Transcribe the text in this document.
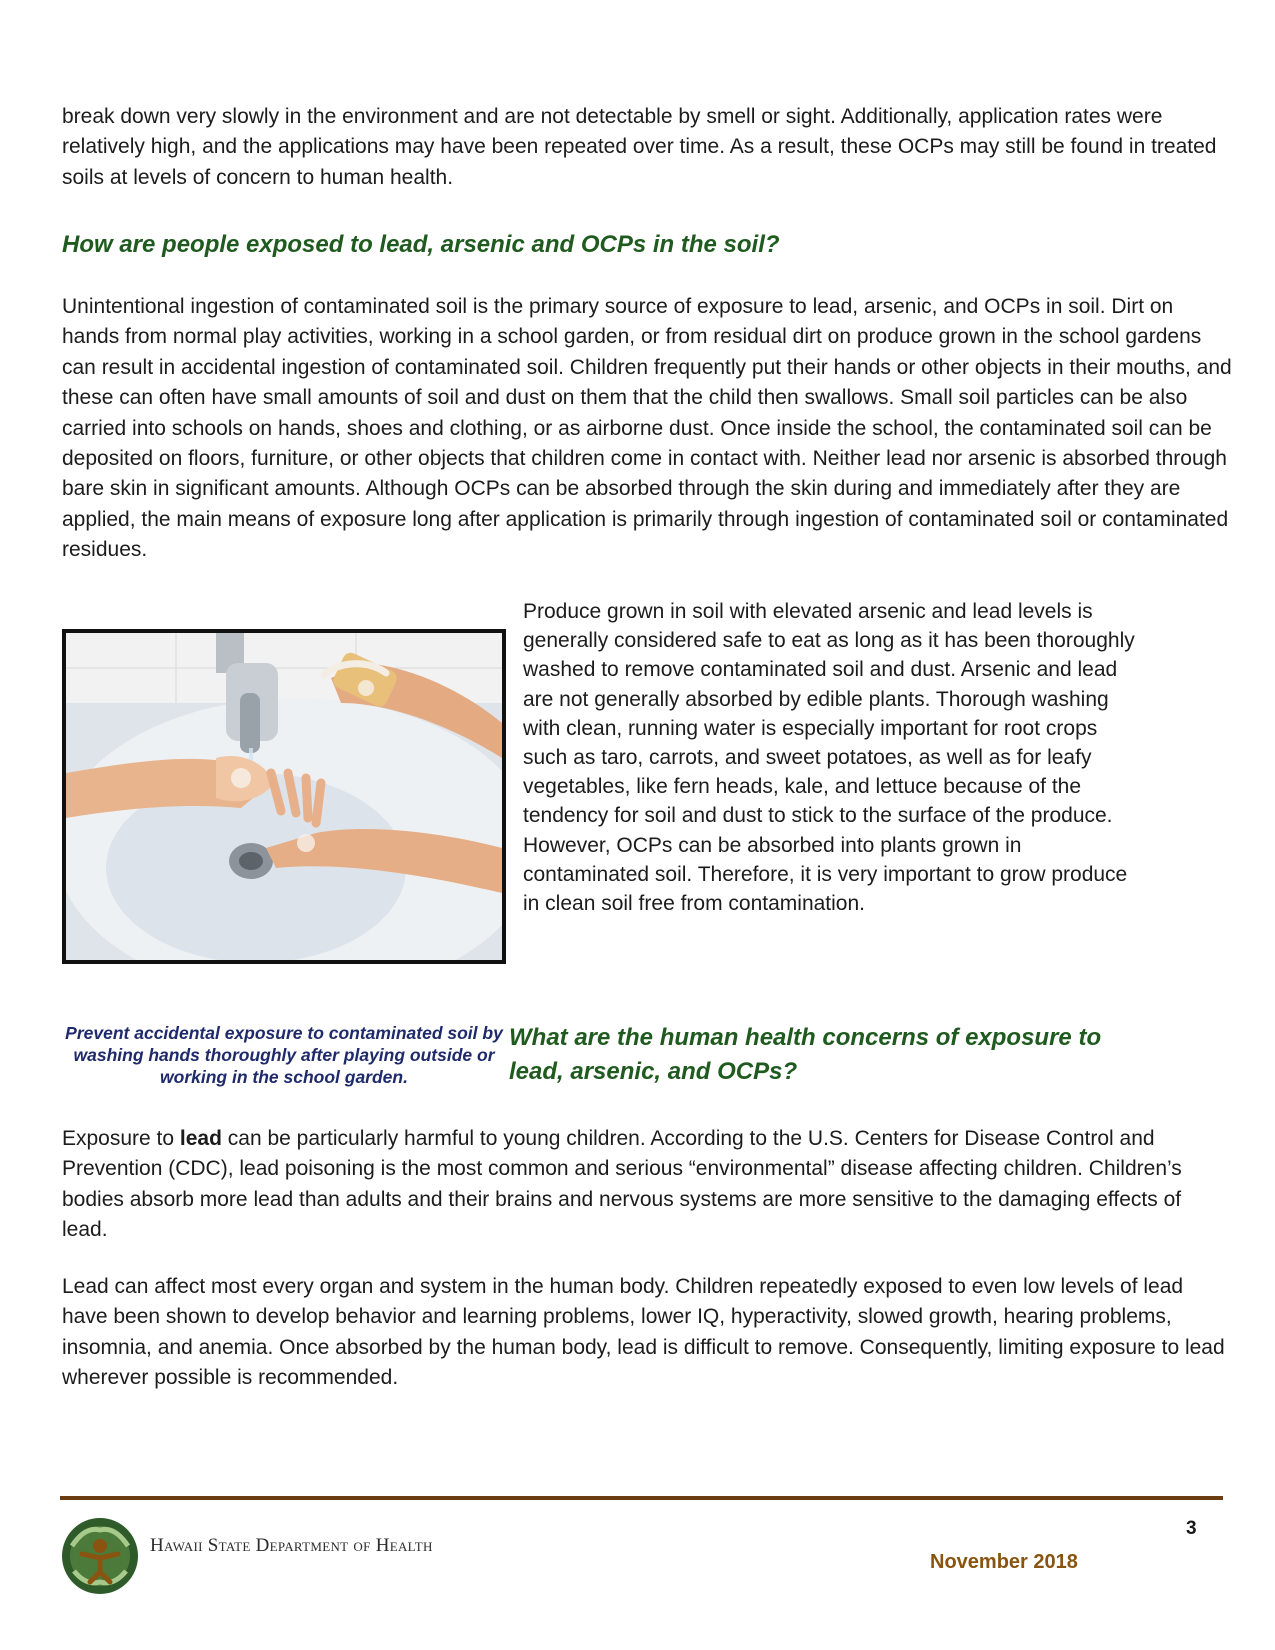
break down very slowly in the environment and are not detectable by smell or sight. Additionally, application rates were relatively high, and the applications may have been repeated over time. As a result, these OCPs may still be found in treated soils at levels of concern to human health.

How are people exposed to lead, arsenic and OCPs in the soil?

Unintentional ingestion of contaminated soil is the primary source of exposure to lead, arsenic, and OCPs in soil. Dirt on hands from normal play activities, working in a school garden, or from residual dirt on produce grown in the school gardens can result in accidental ingestion of contaminated soil. Children frequently put their hands or other objects in their mouths, and these can often have small amounts of soil and dust on them that the child then swallows. Small soil particles can be also carried into schools on hands, shoes and clothing, or as airborne dust. Once inside the school, the contaminated soil can be deposited on floors, furniture, or other objects that children come in contact with. Neither lead nor arsenic is absorbed through bare skin in significant amounts. Although OCPs can be absorbed through the skin during and immediately after they are applied, the main means of exposure long after application is primarily through ingestion of contaminated soil or contaminated residues.

Produce grown in soil with elevated arsenic and lead levels is generally considered safe to eat as long as it has been thoroughly washed to remove contaminated soil and dust. Arsenic and lead are not generally absorbed by edible plants. Thorough washing with clean, running water is especially important for root crops such as taro, carrots, and sweet potatoes, as well as for leafy vegetables, like fern heads, kale, and lettuce because of the tendency for soil and dust to stick to the surface of the produce. However, OCPs can be absorbed into plants grown in contaminated soil. Therefore, it is very important to grow produce in clean soil free from contamination.

Prevent accidental exposure to contaminated soil by washing hands thoroughly after playing outside or working in the school garden.

What are the human health concerns of exposure to lead, arsenic, and OCPs?

Exposure to lead can be particularly harmful to young children. According to the U.S. Centers for Disease Control and Prevention (CDC), lead poisoning is the most common and serious “environmental” disease affecting children. Children’s bodies absorb more lead than adults and their brains and nervous systems are more sensitive to the damaging effects of lead.

Lead can affect most every organ and system in the human body. Children repeatedly exposed to even low levels of lead have been shown to develop behavior and learning problems, lower IQ, hyperactivity, slowed growth, hearing problems, insomnia, and anemia. Once absorbed by the human body, lead is difficult to remove. Consequently, limiting exposure to lead wherever possible is recommended.

Hawaii State Department of Health

3

November 2018
